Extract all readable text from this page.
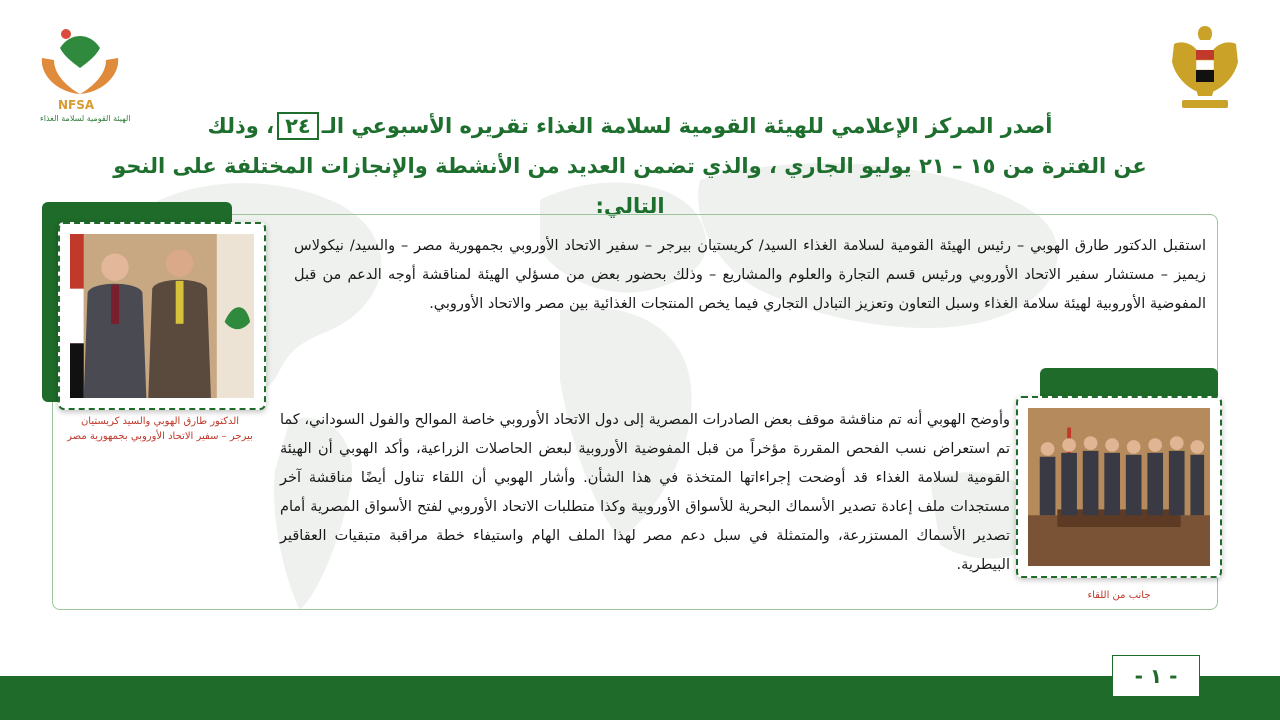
NFSA
الهيئة القومية لسلامة الغذاء	أصدر المركز الإعلامي للهيئة القومية لسلامة الغذاء تقريره الأسبوعي الـ٢٤، وذلك
عن الفترة من ١٥ – ٢١ يوليو الجاري ، والذي تضمن العديد من الأنشطة والإنجازات المختلفة على النحو التالي:
الدكتور طارق الهوبي والسيد كريستيان
بيرجر – سفير الاتحاد الأوروبي بجمهورية مصر
جانب من اللقاء
استقبل الدكتور طارق الهوبي – رئيس الهيئة القومية لسلامة الغذاء السيد/ كريستيان بيرجر – سفير الاتحاد الأوروبي بجمهورية مصر – والسيد/ نيكولاس زيميز – مستشار سفير الاتحاد الأوروبي ورئيس قسم التجارة والعلوم والمشاريع – وذلك بحضور بعض من مسؤلي الهيئة لمناقشة أوجه الدعم من قبل المفوضية الأوروبية لهيئة سلامة الغذاء وسبل التعاون وتعزيز التبادل التجاري فيما يخص المنتجات الغذائية بين مصر والاتحاد الأوروبي.
وأوضح الهوبي أنه تم مناقشة موقف بعض الصادرات المصرية إلى دول الاتحاد الأوروبي خاصة الموالح والفول السوداني، كما تم استعراض نسب الفحص المقررة مؤخراً من قبل المفوضية الأوروبية لبعض الحاصلات الزراعية، وأكد الهوبي أن الهيئة القومية لسلامة الغذاء قد أوضحت إجراءاتها المتخذة في هذا الشأن. وأشار الهوبي أن اللقاء تناول أيضًا مناقشة آخر مستجدات ملف إعادة تصدير الأسماك البحرية للأسواق الأوروبية وكذا متطلبات الاتحاد الأوروبي لفتح الأسواق المصرية أمام تصدير الأسماك المستزرعة، والمتمثلة في سبل دعم مصر لهذا الملف الهام واستيفاء خطة مراقبة متبقيات العقاقير البيطرية.
- ١ -
